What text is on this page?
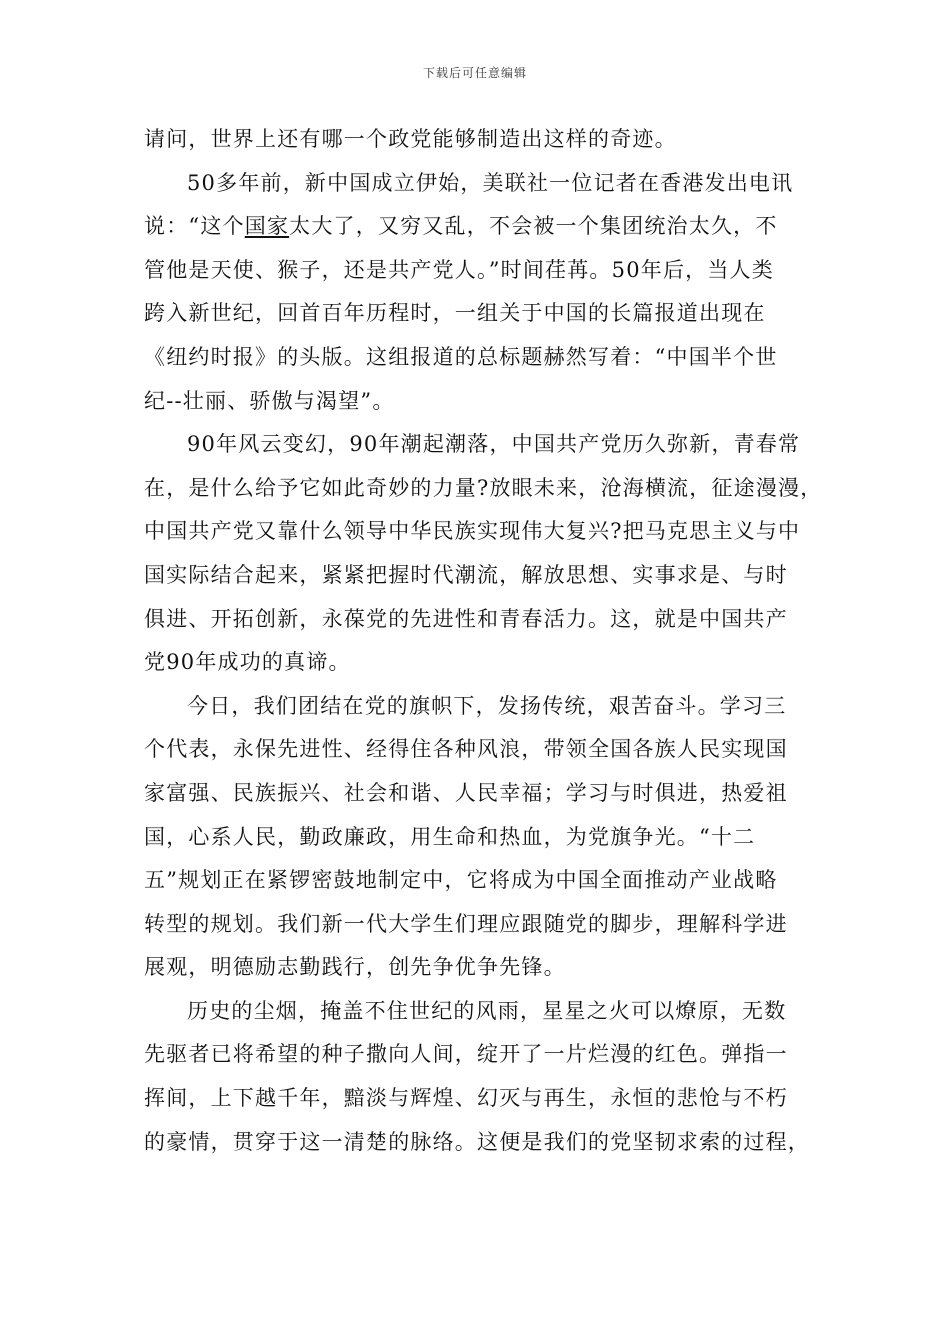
下载后可任意编辑
请问，世界上还有哪一个政党能够制造出这样的奇迹。
50多年前，新中国成立伊始，美联社一位记者在香港发出电讯
说：“这个国家太大了，又穷又乱，不会被一个集团统治太久，不
管他是天使、猴子，还是共产党人。”时间荏苒。50年后，当人类
跨入新世纪，回首百年历程时，一组关于中国的长篇报道出现在
《纽约时报》的头版。这组报道的总标题赫然写着：“中国半个世
纪--壮丽、骄傲与渴望”。
90年风云变幻，90年潮起潮落，中国共产党历久弥新，青春常
在，是什么给予它如此奇妙的力量?放眼未来，沧海横流，征途漫漫，
中国共产党又靠什么领导中华民族实现伟大复兴?把马克思主义与中
国实际结合起来，紧紧把握时代潮流，解放思想、实事求是、与时
俱进、开拓创新，永葆党的先进性和青春活力。这，就是中国共产
党90年成功的真谛。
今日，我们团结在党的旗帜下，发扬传统，艰苦奋斗。学习三
个代表，永保先进性、经得住各种风浪，带领全国各族人民实现国
家富强、民族振兴、社会和谐、人民幸福；学习与时俱进，热爱祖
国，心系人民，勤政廉政，用生命和热血，为党旗争光。“十二
五”规划正在紧锣密鼓地制定中，它将成为中国全面推动产业战略
转型的规划。我们新一代大学生们理应跟随党的脚步，理解科学进
展观，明德励志勤践行，创先争优争先锋。
历史的尘烟，掩盖不住世纪的风雨，星星之火可以燎原，无数
先驱者已将希望的种子撒向人间，绽开了一片烂漫的红色。弹指一
挥间，上下越千年，黯淡与辉煌、幻灭与再生，永恒的悲怆与不朽
的豪情，贯穿于这一清楚的脉络。这便是我们的党坚韧求索的过程，
